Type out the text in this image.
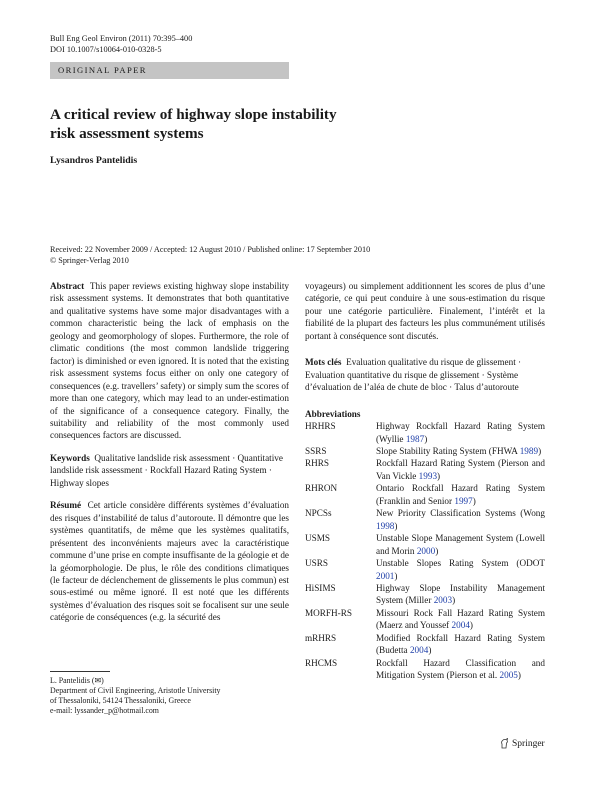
Bull Eng Geol Environ (2011) 70:395–400
DOI 10.1007/s10064-010-0328-5
ORIGINAL PAPER
A critical review of highway slope instability
risk assessment systems
Lysandros Pantelidis
Received: 22 November 2009 / Accepted: 12 August 2010 / Published online: 17 September 2010
© Springer-Verlag 2010

Abstract This paper reviews existing highway slope instability risk assessment systems. It demonstrates that both quantitative and qualitative systems have some major disadvantages with a common characteristic being the lack of emphasis on the geology and geomorphology of slopes. Furthermore, the role of climatic conditions (the most common landslide triggering factor) is diminished or even ignored. It is noted that the existing risk assessment systems focus either on only one category of consequences (e.g. travellers’ safety) or simply sum the scores of more than one category, which may lead to an under-estimation of the significance of a consequence category. Finally, the suitability and reliability of the most commonly used consequences factors are discussed.

Keywords Qualitative landslide risk assessment · Quantitative landslide risk assessment · Rockfall Hazard Rating System · Highway slopes

Résumé Cet article considère différents systèmes d’évaluation des risques d’instabilité de talus d’autoroute. Il démontre que les systèmes quantitatifs, de même que les systèmes qualitatifs, présentent des inconvénients majeurs avec la caractéristique commune d’une prise en compte insuffisante de la géologie et de la géomorphologie. De plus, le rôle des conditions climatiques (le facteur de déclenchement de glissements le plus commun) est sous-estimé ou même ignoré. Il est noté que les différents systèmes d’évaluation des risques soit se focalisent sur une seule catégorie de conséquences (e.g. la sécurité des

voyageurs) ou simplement additionnent les scores de plus d’une catégorie, ce qui peut conduire à une sous-estimation du risque pour une catégorie particulière. Finalement, l’intérêt et la fiabilité de la plupart des facteurs les plus communément utilisés portant à conséquence sont discutés.

Mots clés Evaluation qualitative du risque de glissement · Evaluation quantitative du risque de glissement · Système d’évaluation de l’aléa de chute de bloc · Talus d’autoroute

Abbreviations

HRHRS	Highway Rockfall Hazard Rating System (Wyllie 1987)
SSRS	Slope Stability Rating System (FHWA 1989)
RHRS	Rockfall Hazard Rating System (Pierson and Van Vickle 1993)
RHRON	Ontario Rockfall Hazard Rating System (Franklin and Senior 1997)
NPCSs	New Priority Classification Systems (Wong 1998)
USMS	Unstable Slope Management System (Lowell and Morin 2000)
USRS	Unstable Slopes Rating System (ODOT 2001)
HiSIMS	Highway Slope Instability Management System (Miller 2003)
MORFH-RS	Missouri Rock Fall Hazard Rating System (Maerz and Youssef 2004)
mRHRS	Modified Rockfall Hazard Rating System (Budetta 2004)
RHCMS	Rockfall Hazard Classification and Mitigation System (Pierson et al. 2005)
L. Pantelidis (✉)
Department of Civil Engineering, Aristotle University
of Thessaloniki, 54124 Thessaloniki, Greece
e-mail: lyssander_p@hotmail.com
Springer
